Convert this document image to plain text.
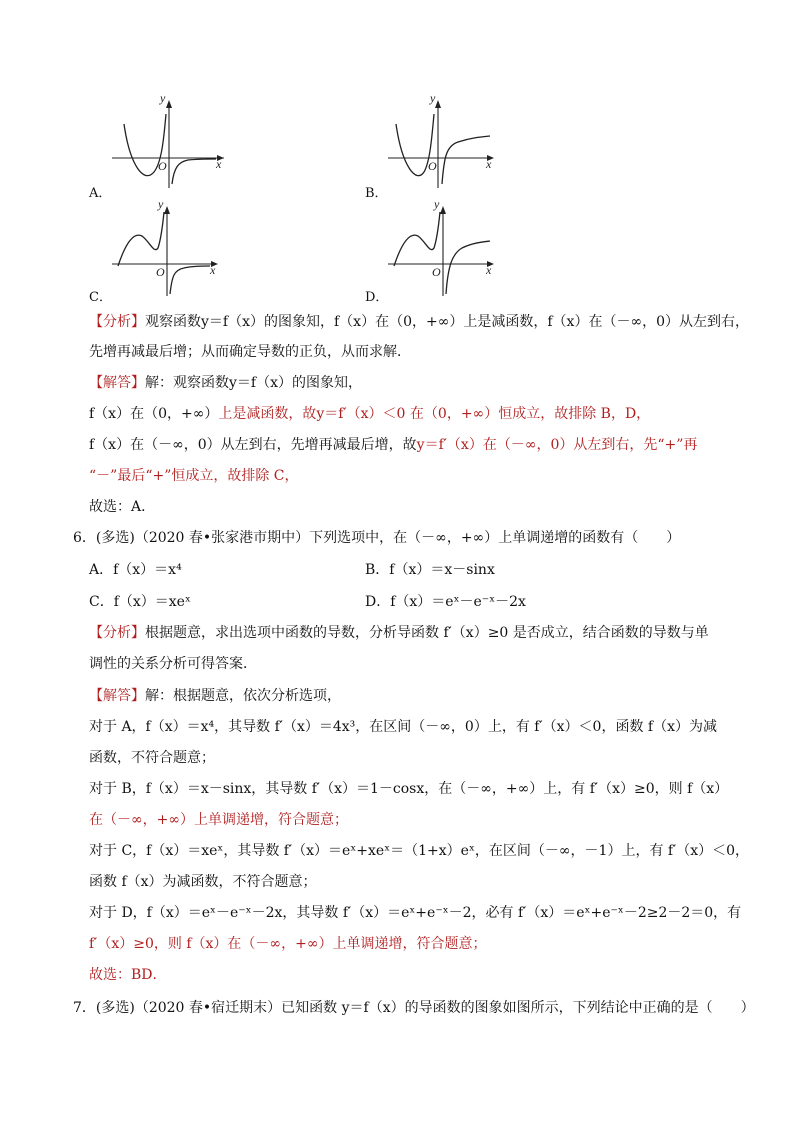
y
x
O
A．
y
x
O
B．
y
x
O
C．
y
x
O
D．
【分析】观察函数y＝f（x）的图象知，f（x）在（0，+∞）上是减函数，f（x）在（－∞，0）从左到右，
先增再减最后增；从而确定导数的正负，从而求解．
【解答】解：观察函数y＝f（x）的图象知，
f（x）在（0，+∞）上是减函数，故y＝f′（x）＜0 在（0，+∞）恒成立，故排除 B，D，
f（x）在（－∞，0）从左到右，先增再减最后增，故y＝f′（x）在（－∞，0）从左到右，先“+”再
“－”最后“+”恒成立，故排除 C，
故选：A．
6．(多选)（2020 春•张家港市期中）下列选项中，在（－∞，+∞）上单调递增的函数有（　　）
A．f（x）＝x⁴	B．f（x）＝x－sinx
C．f（x）＝xeˣ	D．f（x）＝eˣ－e⁻ˣ－2x
【分析】根据题意，求出选项中函数的导数，分析导函数 f′（x）≥0 是否成立，结合函数的导数与单
调性的关系分析可得答案．
【解答】解：根据题意，依次分析选项，
对于 A，f（x）＝x⁴，其导数 f′（x）＝4x³，在区间（－∞，0）上，有 f′（x）＜0，函数 f（x）为减
函数，不符合题意；
对于 B，f（x）＝x－sinx，其导数 f′（x）＝1－cosx，在（－∞，+∞）上，有 f′（x）≥0，则 f（x）
在（－∞，+∞）上单调递增，符合题意；
对于 C，f（x）＝xeˣ，其导数 f′（x）＝eˣ+xeˣ＝（1+x）eˣ，在区间（－∞，－1）上，有 f′（x）＜0，
函数 f（x）为减函数，不符合题意；
对于 D，f（x）＝eˣ－e⁻ˣ－2x，其导数 f′（x）＝eˣ+e⁻ˣ－2，必有 f′（x）＝eˣ+e⁻ˣ－2≥2－2＝0，有
f′（x）≥0，则 f（x）在（－∞，+∞）上单调递增，符合题意；
故选：BD．
7．(多选)（2020 春•宿迁期末）已知函数 y＝f（x）的导函数的图象如图所示，下列结论中正确的是（　　）
